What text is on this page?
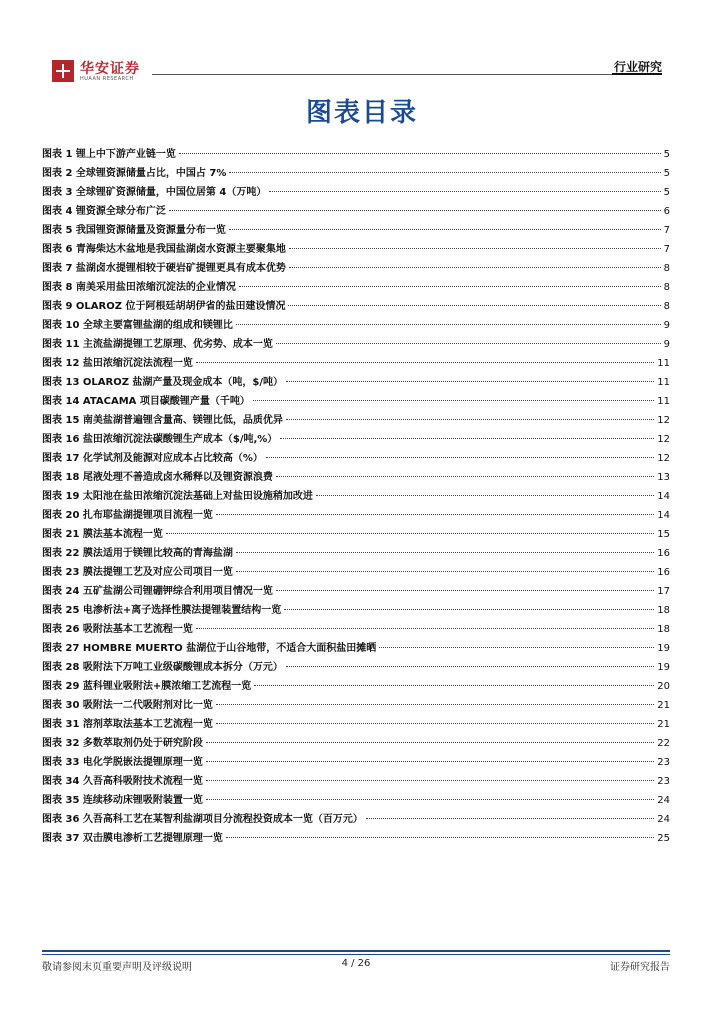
华安证券
HUAAN RESEARCH
行业研究
图表目录
图表 1 锂上中下游产业链一览	5
图表 2 全球锂资源储量占比，中国占 7%	5
图表 3 全球锂矿资源储量，中国位居第 4（万吨）	5
图表 4 锂资源全球分布广泛	6
图表 5 我国锂资源储量及资源量分布一览	7
图表 6 青海柴达木盆地是我国盐湖卤水资源主要聚集地	7
图表 7 盐湖卤水提锂相较于硬岩矿提锂更具有成本优势	8
图表 8 南美采用盐田浓缩沉淀法的企业情况	8
图表 9 OLAROZ 位于阿根廷胡胡伊省的盐田建设情况	8
图表 10 全球主要富锂盐湖的组成和镁锂比	9
图表 11 主流盐湖提锂工艺原理、优劣势、成本一览	9
图表 12 盐田浓缩沉淀法流程一览	11
图表 13 OLAROZ 盐湖产量及现金成本（吨，$/吨）	11
图表 14 ATACAMA 项目碳酸锂产量（千吨）	11
图表 15 南美盐湖普遍锂含量高、镁锂比低，品质优异	12
图表 16 盐田浓缩沉淀法碳酸锂生产成本（$/吨,%）	12
图表 17 化学试剂及能源对应成本占比较高（%）	12
图表 18 尾液处理不善造成卤水稀释以及锂资源浪费	13
图表 19 太阳池在盐田浓缩沉淀法基础上对盐田设施稍加改进	14
图表 20 扎布耶盐湖提锂项目流程一览	14
图表 21 膜法基本流程一览	15
图表 22 膜法适用于镁锂比较高的青海盐湖	16
图表 23 膜法提锂工艺及对应公司项目一览	16
图表 24 五矿盐湖公司锂硼钾综合利用项目情况一览	17
图表 25 电渗析法+离子选择性膜法提锂装置结构一览	18
图表 26 吸附法基本工艺流程一览	18
图表 27 HOMBRE MUERTO 盐湖位于山谷地带，不适合大面积盐田摊晒	19
图表 28 吸附法下万吨工业级碳酸锂成本拆分（万元）	19
图表 29 蓝科锂业吸附法+膜浓缩工艺流程一览	20
图表 30 吸附法一二代吸附剂对比一览	21
图表 31 溶剂萃取法基本工艺流程一览	21
图表 32 多数萃取剂仍处于研究阶段	22
图表 33 电化学脱嵌法提锂原理一览	23
图表 34 久吾高科吸附技术流程一览	23
图表 35 连续移动床锂吸附装置一览	24
图表 36 久吾高科工艺在某智利盐湖项目分流程投资成本一览（百万元）	24
图表 37 双击膜电渗析工艺提锂原理一览	25
敬请参阅末页重要声明及评级说明	4 / 26	证券研究报告
